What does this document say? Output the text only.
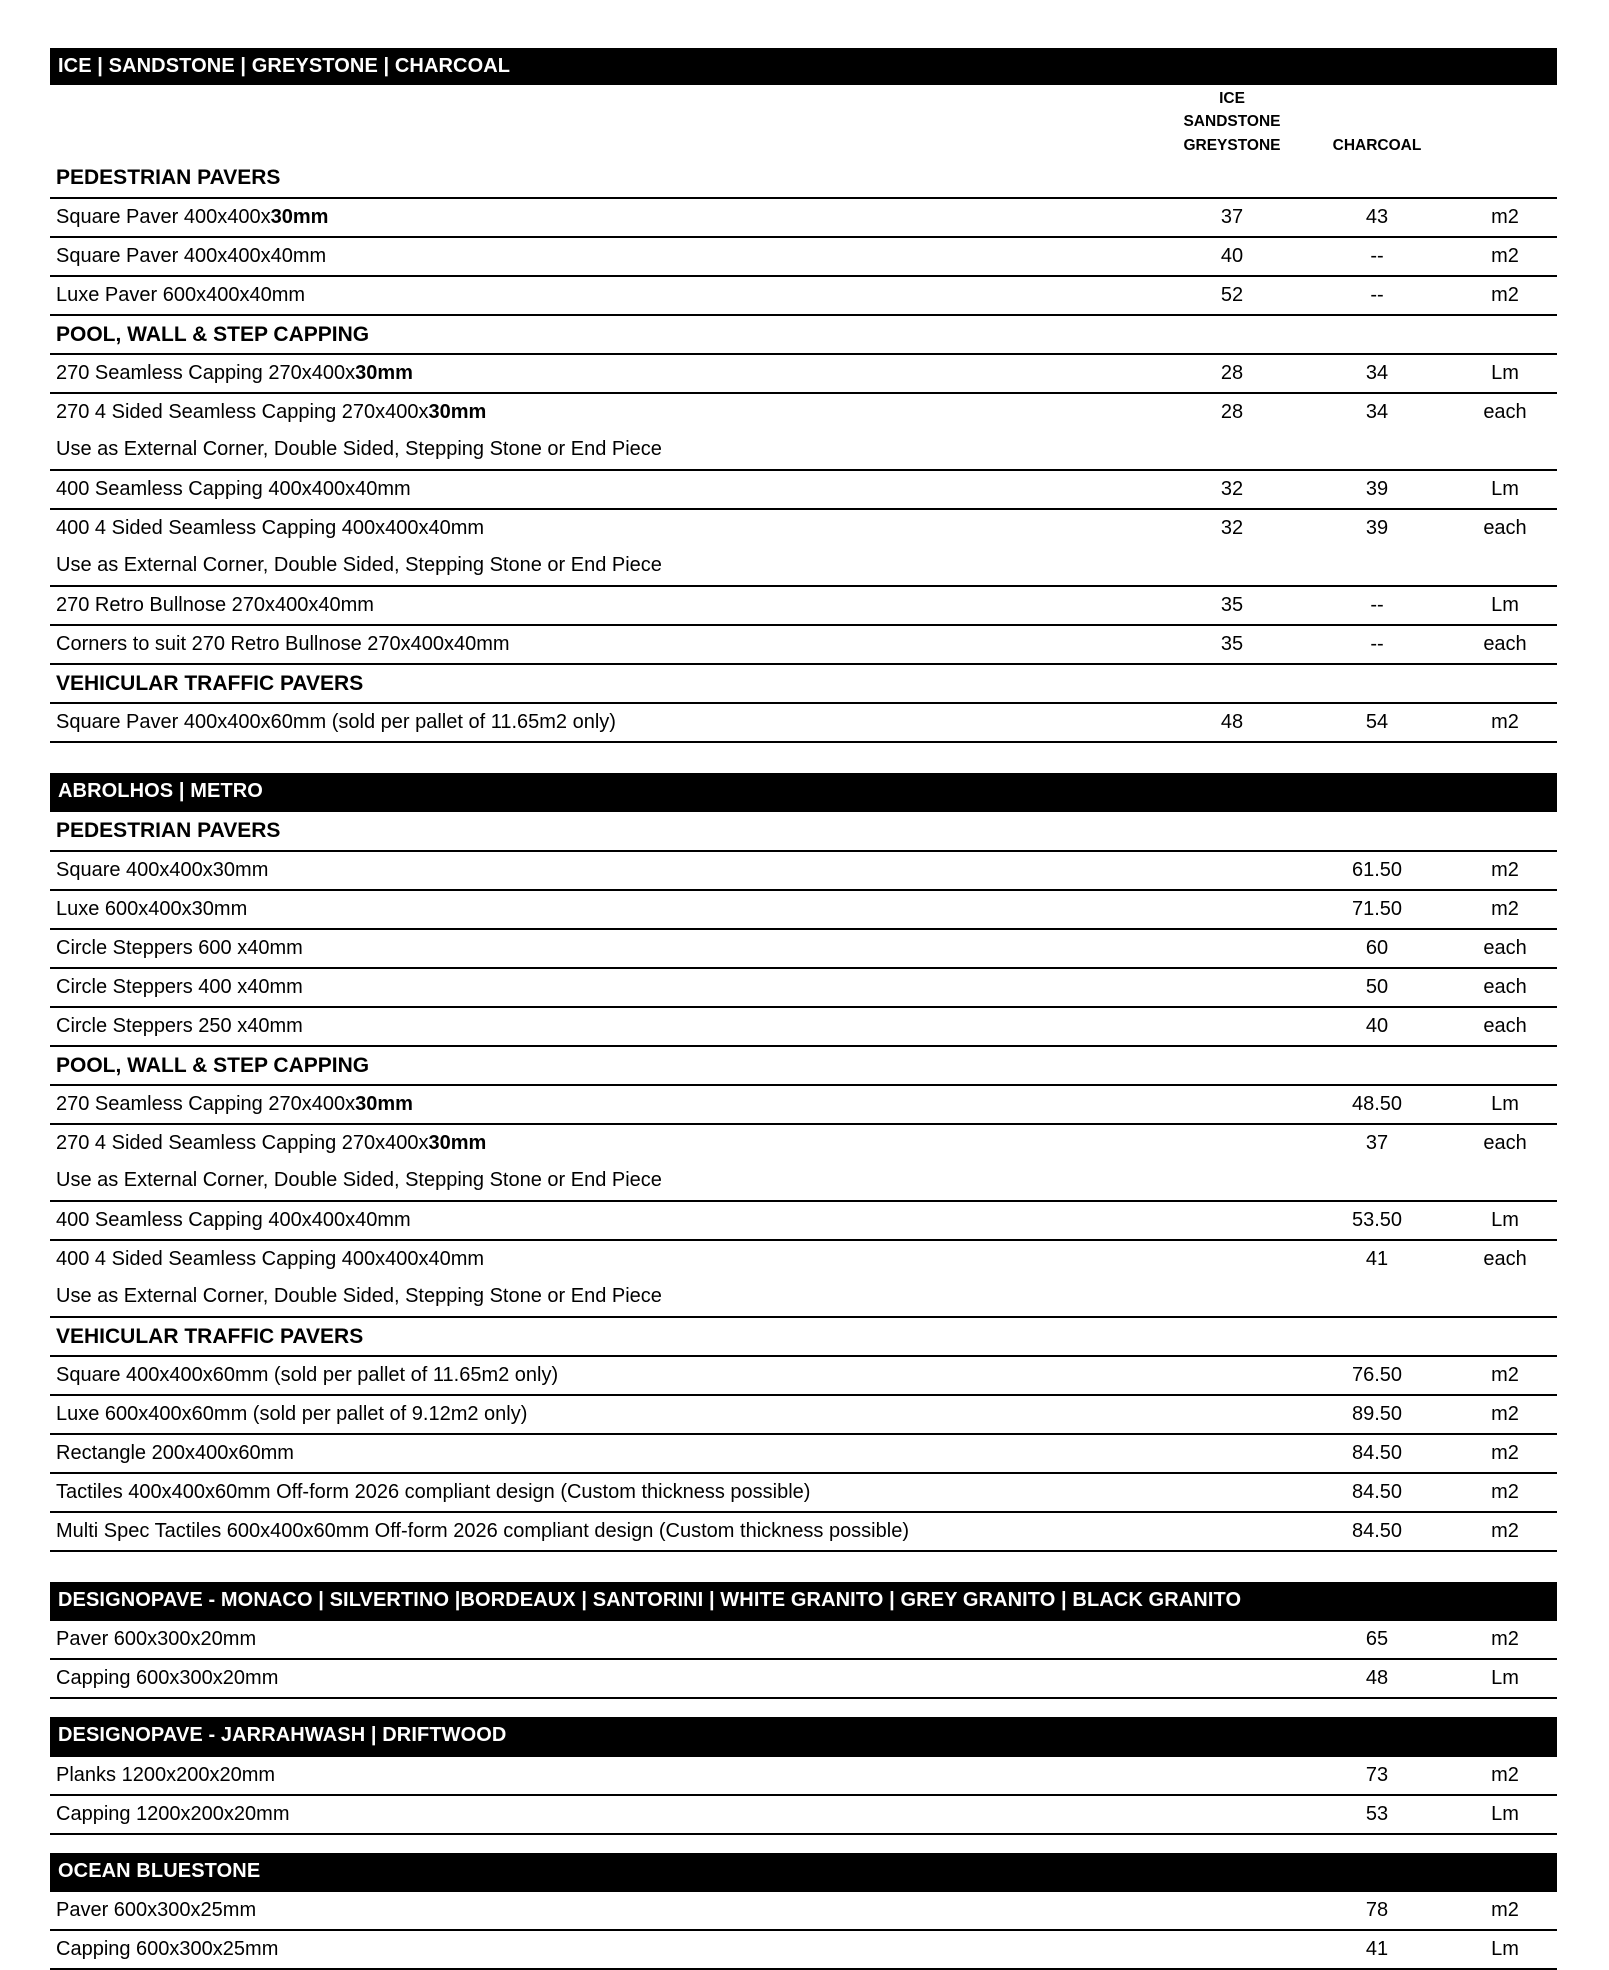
ICE | SANDSTONE | GREYSTONE | CHARCOAL			

	ICE
SANDSTONE
GREYSTONE	CHARCOAL	
PEDESTRIAN PAVERS			
Square Paver 400x400x30mm	37	43	m2
Square Paver 400x400x40mm	40	--	m2
Luxe Paver 600x400x40mm	52	--	m2
POOL, WALL & STEP CAPPING			
270 Seamless Capping 270x400x30mm	28	34	Lm
270 4 Sided Seamless Capping 270x400x30mm	28	34	each
Use as External Corner, Double Sided, Stepping Stone or End Piece			
400 Seamless Capping 400x400x40mm	32	39	Lm
400 4 Sided Seamless Capping 400x400x40mm	32	39	each
Use as External Corner, Double Sided, Stepping Stone or End Piece			
270 Retro Bullnose 270x400x40mm	35	--	Lm
Corners to suit 270 Retro Bullnose 270x400x40mm	35	--	each
VEHICULAR TRAFFIC PAVERS			
Square Paver 400x400x60mm (sold per pallet of 11.65m2 only)	48	54	m2

ABROLHOS | METRO			
PEDESTRIAN PAVERS			
Square 400x400x30mm		61.50	m2
Luxe 600x400x30mm		71.50	m2
Circle Steppers 600 x40mm		60	each
Circle Steppers 400 x40mm		50	each
Circle Steppers 250 x40mm		40	each
POOL, WALL & STEP CAPPING			
270 Seamless Capping 270x400x30mm		48.50	Lm
270 4 Sided Seamless Capping 270x400x30mm		37	each
Use as External Corner, Double Sided, Stepping Stone or End Piece			
400 Seamless Capping 400x400x40mm		53.50	Lm
400 4 Sided Seamless Capping 400x400x40mm		41	each
Use as External Corner, Double Sided, Stepping Stone or End Piece			
VEHICULAR TRAFFIC PAVERS			
Square 400x400x60mm (sold per pallet of 11.65m2 only)		76.50	m2
Luxe 600x400x60mm (sold per pallet of 9.12m2 only)		89.50	m2
Rectangle 200x400x60mm		84.50	m2
Tactiles 400x400x60mm Off-form 2026 compliant design (Custom thickness possible)		84.50	m2
Multi Spec Tactiles 600x400x60mm Off-form 2026 compliant design (Custom thickness possible)		84.50	m2

DESIGNOPAVE - MONACO | SILVERTINO |BORDEAUX | SANTORINI | WHITE GRANITO | GREY GRANITO | BLACK GRANITO			
Paver 600x300x20mm		65	m2
Capping 600x300x20mm		48	Lm

DESIGNOPAVE - JARRAHWASH | DRIFTWOOD			
Planks 1200x200x20mm		73	m2
Capping 1200x200x20mm		53	Lm

OCEAN BLUESTONE			
Paver 600x300x25mm		78	m2
Capping 600x300x25mm		41	Lm
